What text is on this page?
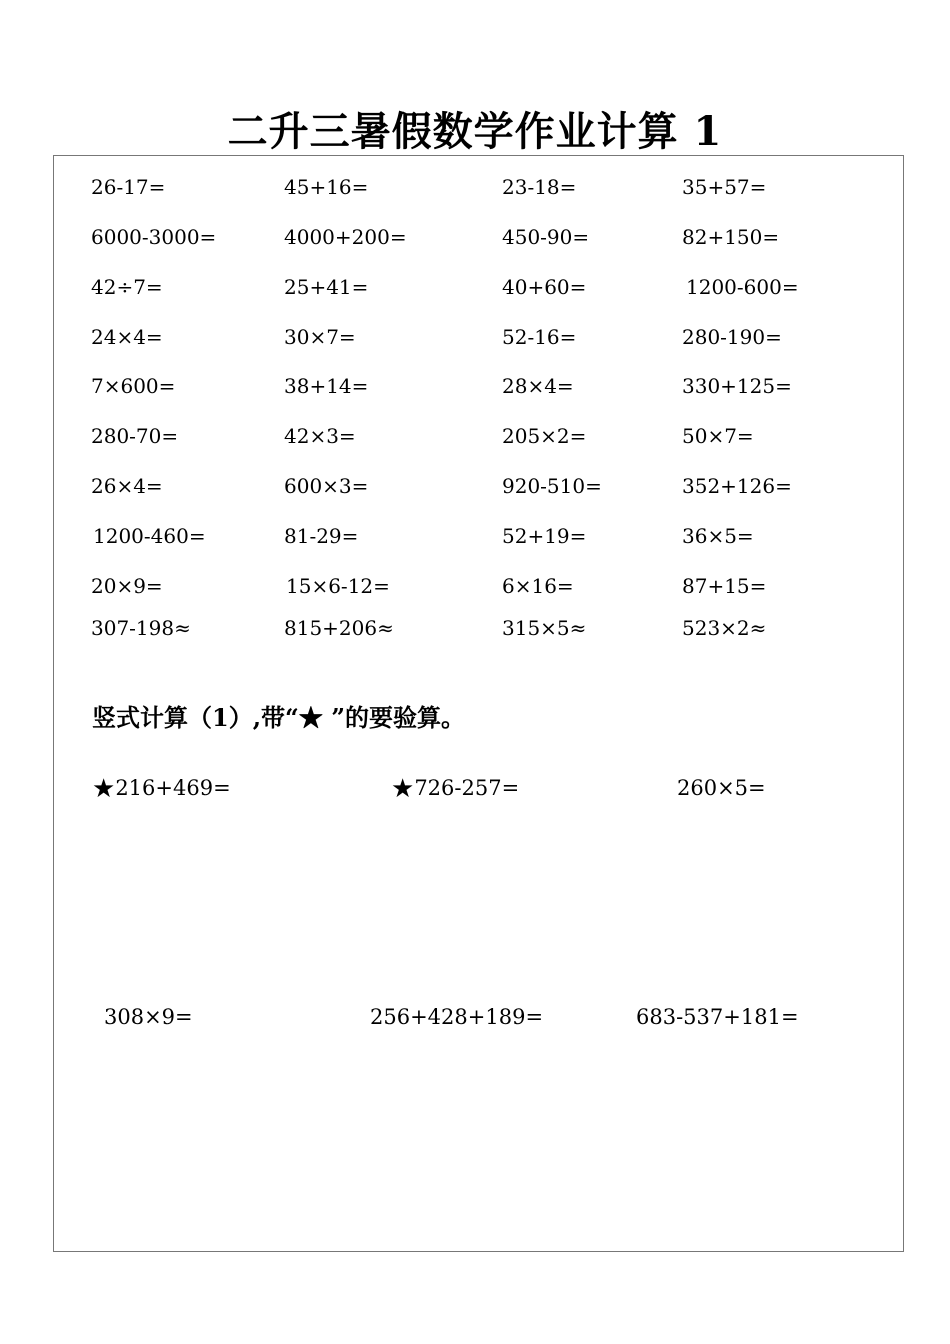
二升三暑假数学作业计算 1
26-17=	45+16=	23-18=	35+57=
6000-3000=	4000+200=	450-90=	82+150=
42÷7=	25+41=	40+60=	1200-600=
24×4=	30×7=	52-16=	280-190=
7×600=	38+14=	28×4=	330+125=
280-70=	42×3=	205×2=	50×7=
26×4=	600×3=	920-510=	352+126=
1200-460=	81-29=	52+19=	36×5=
20×9=	15×6-12=	6×16=	87+15=
307-198≈	815+206≈	315×5≈	523×2≈
竖式计算（1）,带“★ ”的要验算。
★216+469=	★726-257=	260×5=
308×9=	256+428+189=	683-537+181=
